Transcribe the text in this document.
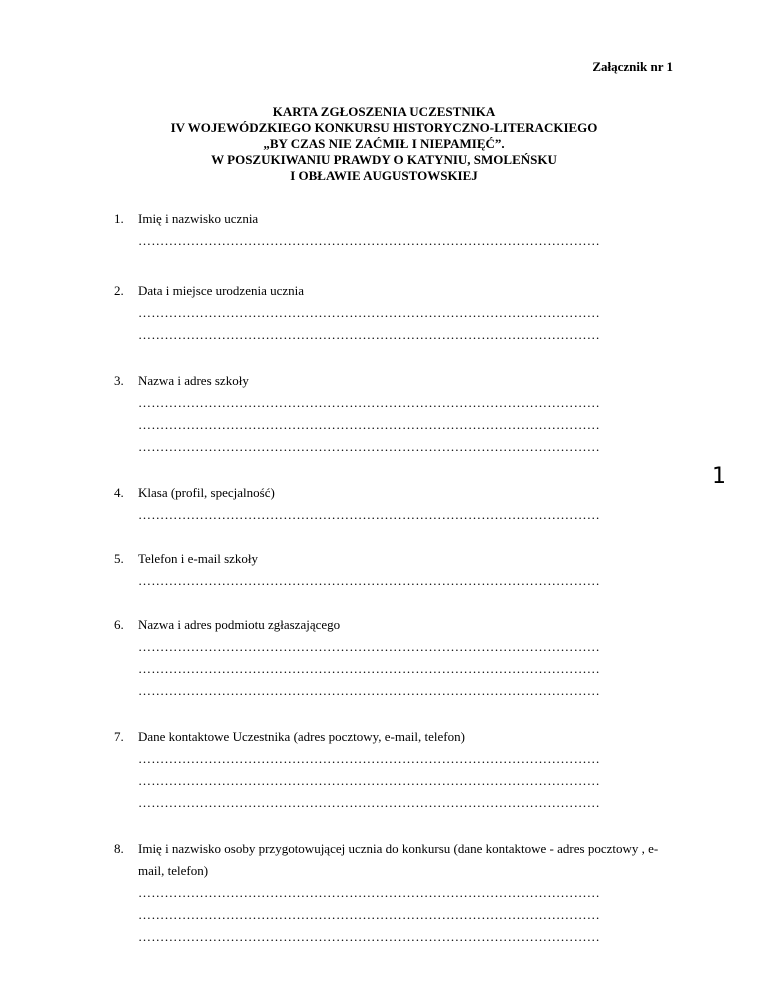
Załącznik nr 1
KARTA ZGŁOSZENIA UCZESTNIKA
IV WOJEWÓDZKIEGO KONKURSU HISTORYCZNO-LITERACKIEGO
„BY CZAS NIE ZAĆMIŁ I NIEPAMIĘĆ”.
W POSZUKIWANIU PRAWDY O KATYNIU, SMOLEŃSKU
I OBŁAWIE AUGUSTOWSKIEJ
1
1.	Imię i nazwisko ucznia
……………………………………………………………………………………………
2.	Data i miejsce urodzenia ucznia
……………………………………………………………………………………………
……………………………………………………………………………………………
3.	Nazwa i adres szkoły
……………………………………………………………………………………………
……………………………………………………………………………………………
……………………………………………………………………………………………
4.	Klasa (profil, specjalność)
……………………………………………………………………………………………
5.	Telefon i e-mail szkoły
……………………………………………………………………………………………
6.	Nazwa i adres podmiotu zgłaszającego
……………………………………………………………………………………………
……………………………………………………………………………………………
……………………………………………………………………………………………
7.	Dane kontaktowe Uczestnika (adres pocztowy, e-mail, telefon)
……………………………………………………………………………………………
……………………………………………………………………………………………
……………………………………………………………………………………………
8.	Imię i nazwisko osoby przygotowującej ucznia do konkursu (dane kontaktowe - adres pocztowy , e-mail, telefon)
……………………………………………………………………………………………
……………………………………………………………………………………………
……………………………………………………………………………………………
